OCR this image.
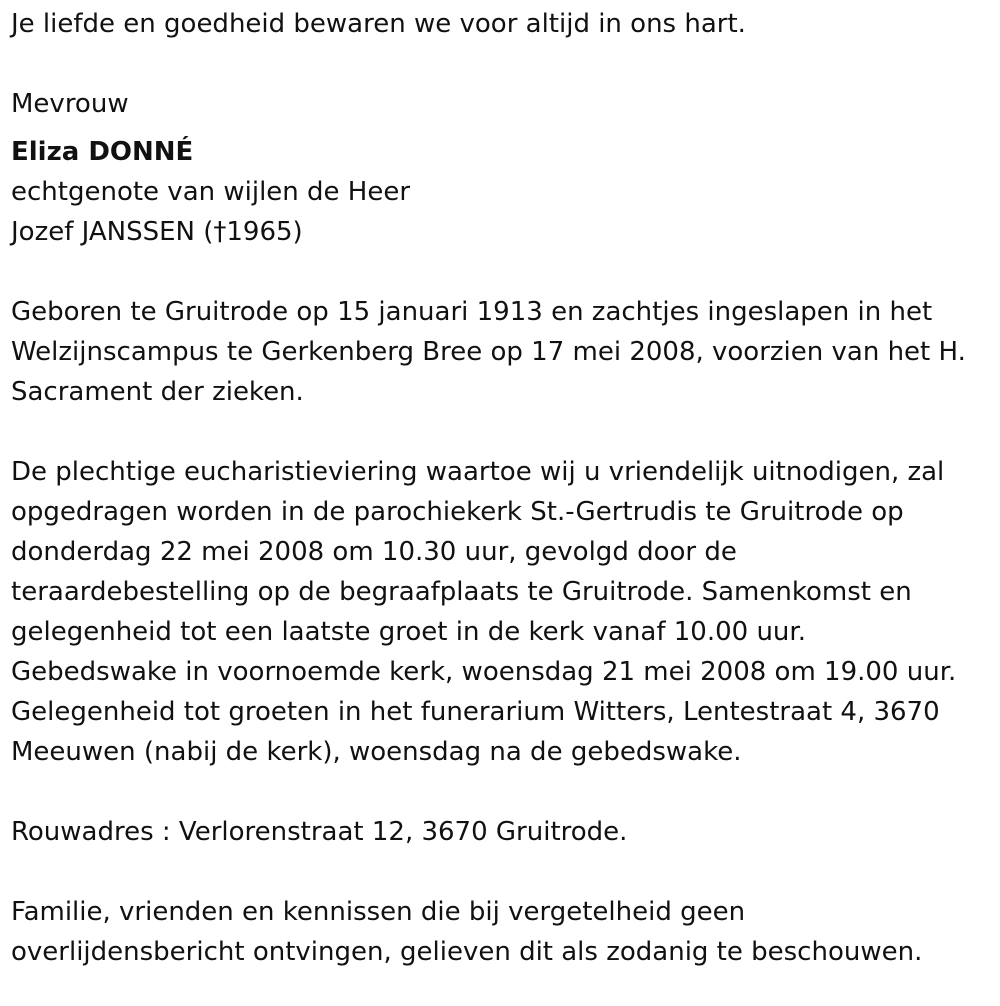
Je liefde en goedheid bewaren we voor altijd in ons hart.

Mevrouw

Eliza DONNÉ

echtgenote van wijlen de Heer

Jozef JANSSEN (†1965)

Geboren te Gruitrode op 15 januari 1913 en zachtjes ingeslapen in het

Welzijnscampus te Gerkenberg Bree op 17 mei 2008, voorzien van het H.

Sacrament der zieken.

De plechtige eucharistieviering waartoe wij u vriendelijk uitnodigen, zal

opgedragen worden in de parochiekerk St.-Gertrudis te Gruitrode op

donderdag 22 mei 2008 om 10.30 uur, gevolgd door de

teraardebestelling op de begraafplaats te Gruitrode. Samenkomst en

gelegenheid tot een laatste groet in de kerk vanaf 10.00 uur.

Gebedswake in voornoemde kerk, woensdag 21 mei 2008 om 19.00 uur.

Gelegenheid tot groeten in het funerarium Witters, Lentestraat 4, 3670

Meeuwen (nabij de kerk), woensdag na de gebedswake.

Rouwadres : Verlorenstraat 12, 3670 Gruitrode.

Familie, vrienden en kennissen die bij vergetelheid geen

overlijdensbericht ontvingen, gelieven dit als zodanig te beschouwen.
